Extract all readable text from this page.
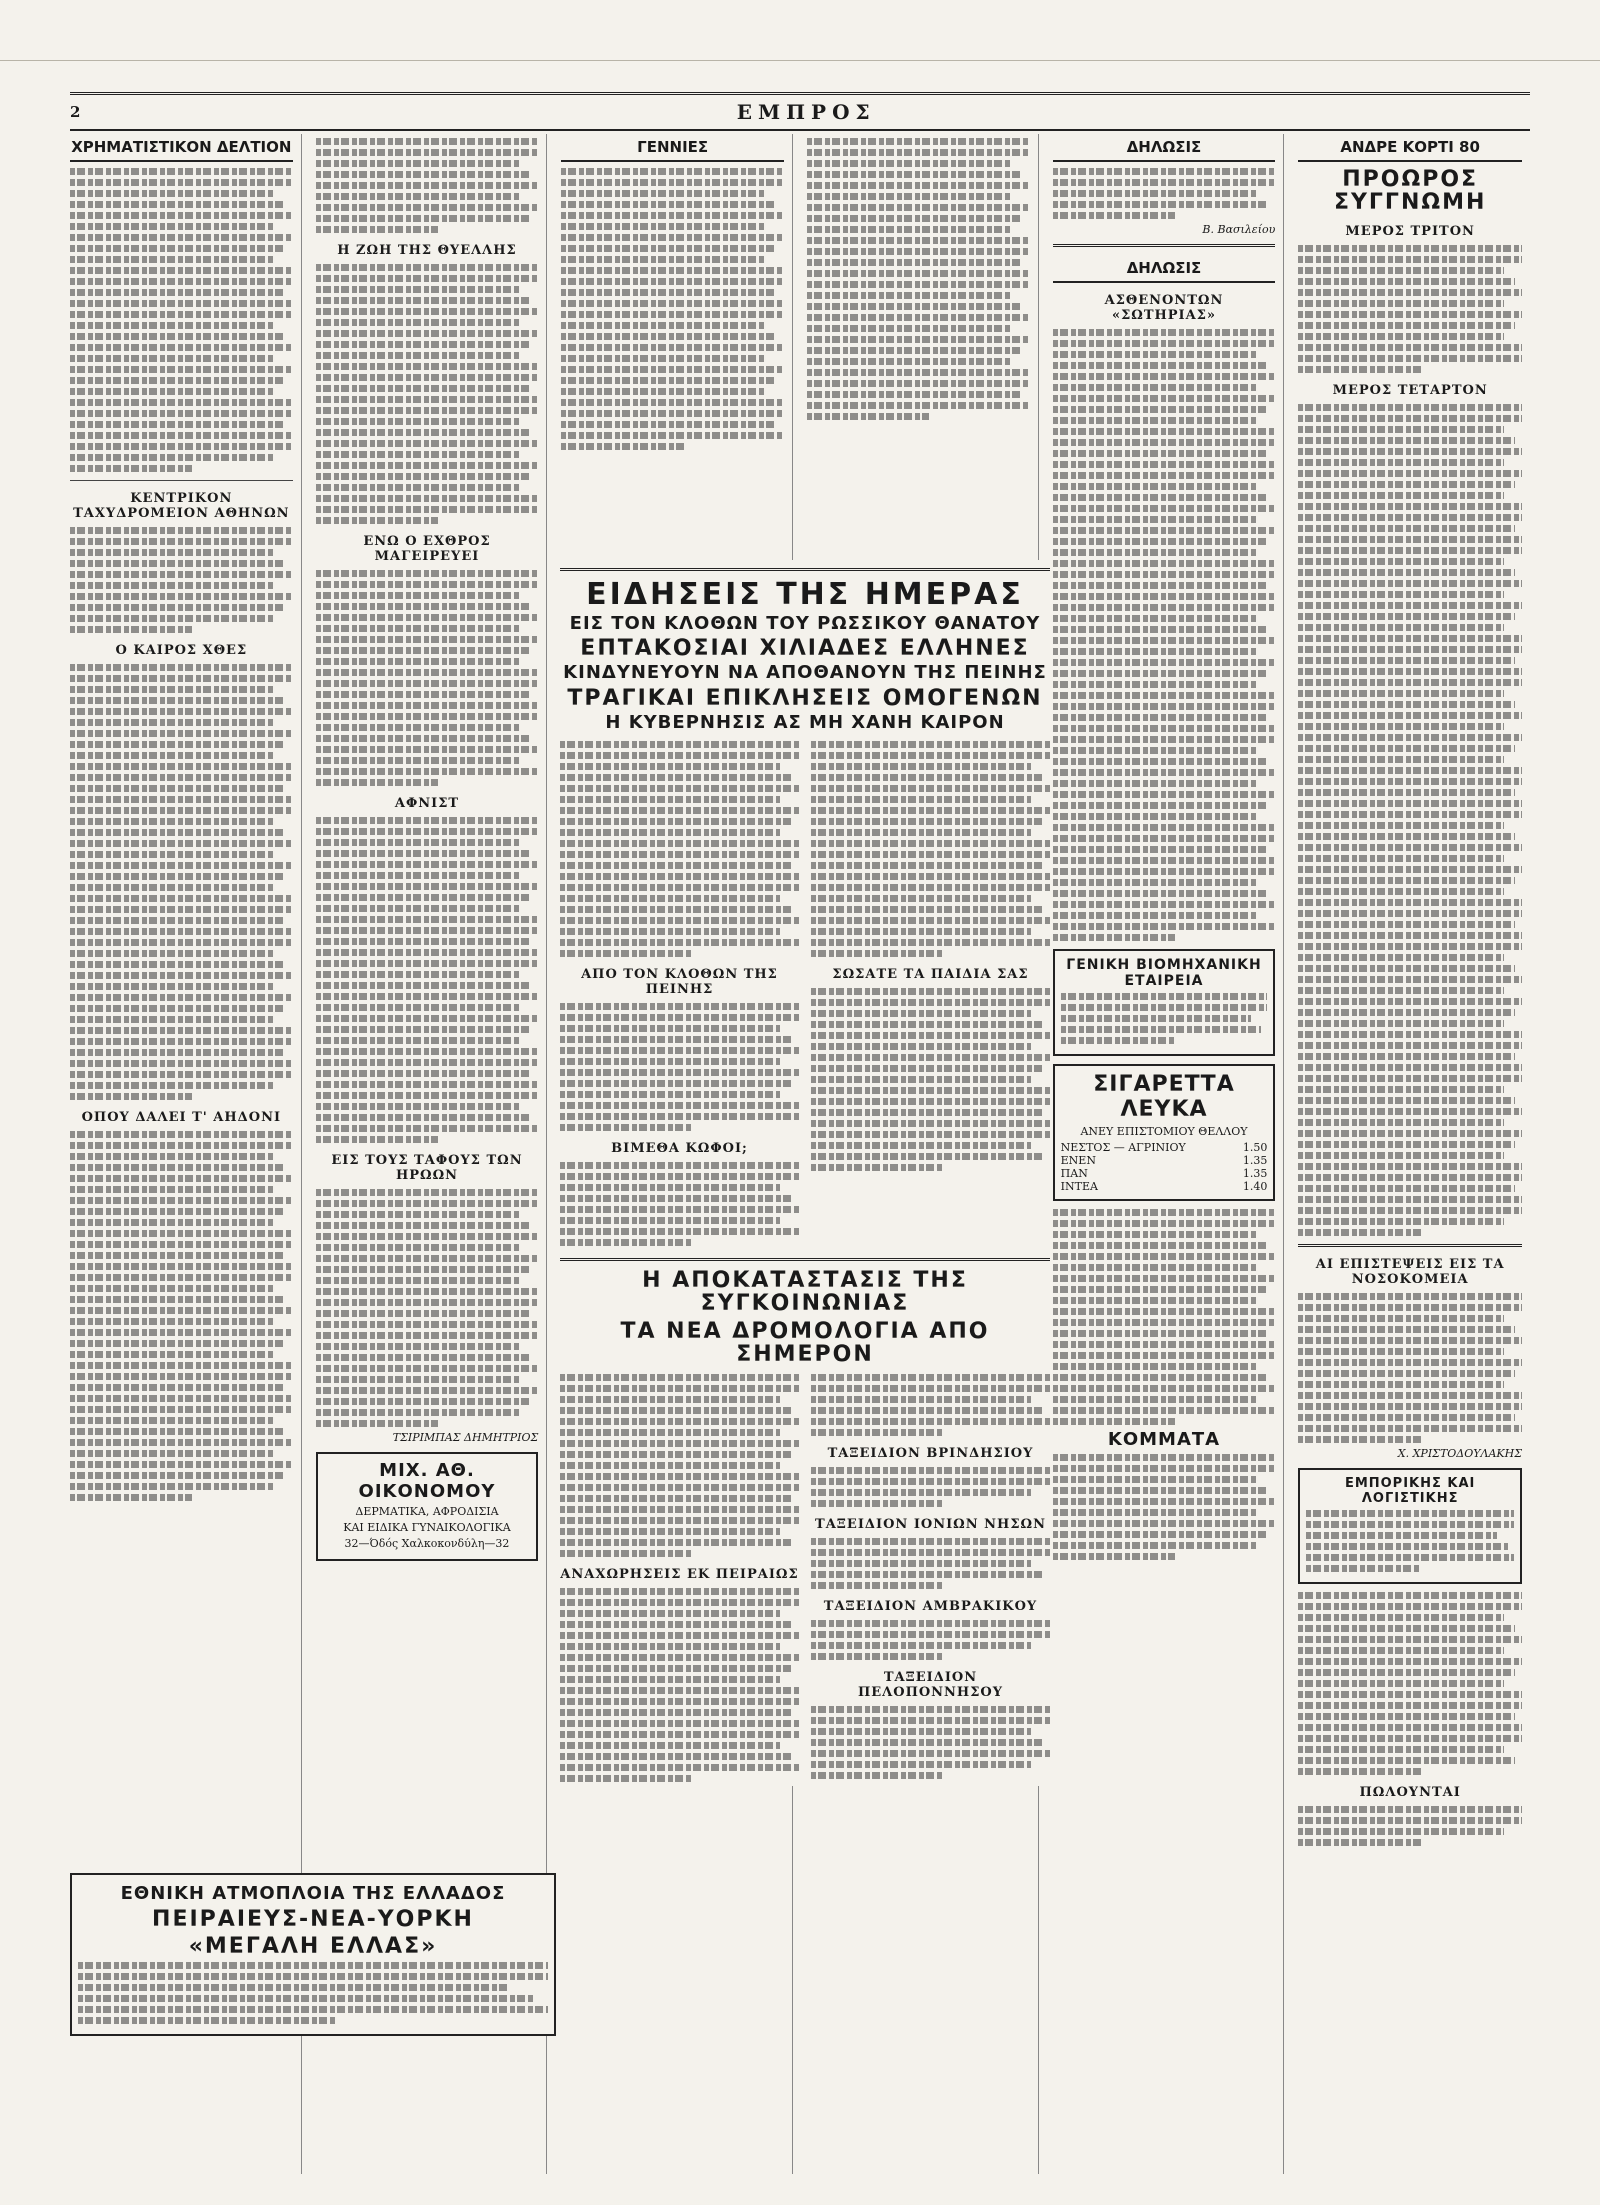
2	ΕΜΠΡΟΣ
ΧΡΗΜΑΤΙΣΤΙΚΟΝ ΔΕΛΤΙΟΝ
ΚΕΝΤΡΙΚΟΝ ΤΑΧΥΔΡΟΜΕΙΟΝ ΑΘΗΝΩΝ
Ο ΚΑΙΡΟΣ ΧΘΕΣ
ΟΠΟΥ ΔΑΛΕΙ Τ' ΑΗΔΟΝΙ
Η ΖΩΗ ΤΗΣ ΘΥΕΛΛΗΣ
ΕΝΩ Ο ΕΧΘΡΟΣ ΜΑΓΕΙΡΕΥΕΙ
ΑΦΝΙΣΤ
ΕΙΣ ΤΟΥΣ ΤΑΦΟΥΣ ΤΩΝ ΗΡΩΩΝ
ΤΣΙΡΙΜΠΑΣ ΔΗΜΗΤΡΙΟΣ
ΜΙΧ. ΑΘ. ΟΙΚΟΝΟΜΟΥ
ΔΕΡΜΑΤΙΚΑ, ΑΦΡΟΔΙΣΙΑ
ΚΑΙ ΕΙΔΙΚΑ ΓΥΝΑΙΚΟΛΟΓΙΚΑ
32—Όδός Χαλκοκονδύλη—32
ΓΕΝΝΙΕΣ	ΔΗΛΩΣΙΣ
Β. Βασιλείου
ΔΗΛΩΣΙΣ
ΑΣΘΕΝΟΝΤΩΝ «ΣΩΤΗΡΙΑΣ»
ΓΕΝΙΚΗ ΒΙΟΜΗΧΑΝΙΚΗ ΕΤΑΙΡΕΙΑ
ΣΙΓΑΡΕΤΤΑ ΛΕΥΚΑ
ΑΝΕΥ ΕΠΙΣΤΟΜΙΟΥ ΘΕΛΛΟΥ
ΝΕΣΤΟΣ — ΑΓΡΙΝΙΟΥ	1.50
ΕΝΕΝ	1.35
ΠΑΝ	1.35
ΙΝΤΕΑ	1.40
ΚΟΜΜΑΤΑ
ΑΝΔΡΕ ΚΟΡΤΙ 80
ΠΡΟΩΡΟΣ ΣΥΓΓΝΩΜΗ
ΜΕΡΟΣ ΤΡΙΤΟΝ
ΜΕΡΟΣ ΤΕΤΑΡΤΟΝ
ΑΙ ΕΠΙΣΤΕΨΕΙΣ ΕΙΣ ΤΑ ΝΟΣΟΚΟΜΕΙΑ
Χ. ΧΡΙΣΤΟΔΟΥΛΑΚΗΣ
ΕΜΠΟΡΙΚΗΣ ΚΑΙ ΛΟΓΙΣΤΙΚΗΣ
ΠΩΛΟΥΝΤΑΙ
ΕΙΔΗΣΕΙΣ ΤΗΣ ΗΜΕΡΑΣ
ΕΙΣ ΤΟΝ ΚΛΟΘΩΝ ΤΟΥ ΡΩΣΣΙΚΟΥ ΘΑΝΑΤΟΥ
ΕΠΤΑΚΟΣΙΑΙ ΧΙΛΙΑΔΕΣ ΕΛΛΗΝΕΣ
ΚΙΝΔΥΝΕΥΟΥΝ ΝΑ ΑΠΟΘΑΝΟΥΝ ΤΗΣ ΠΕΙΝΗΣ
ΤΡΑΓΙΚΑΙ ΕΠΙΚΛΗΣΕΙΣ ΟΜΟΓΕΝΩΝ
Η ΚΥΒΕΡΝΗΣΙΣ ΑΣ ΜΗ ΧΑΝΗ ΚΑΙΡΟΝ
ΑΠΟ ΤΟΝ ΚΛΟΘΩΝ ΤΗΣ ΠΕΙΝΗΣ
ΒΙΜΕΘΑ ΚΩΦΟΙ;
ΣΩΣΑΤΕ ΤΑ ΠΑΙΔΙΑ ΣΑΣ
Η ΑΠΟΚΑΤΑΣΤΑΣΙΣ ΤΗΣ ΣΥΓΚΟΙΝΩΝΙΑΣ
ΤΑ ΝΕΑ ΔΡΟΜΟΛΟΓΙΑ ΑΠΟ ΣΗΜΕΡΟΝ
ΑΝΑΧΩΡΗΣΕΙΣ ΕΚ ΠΕΙΡΑΙΩΣ
ΤΑΞΕΙΔΙΟΝ ΒΡΙΝΔΗΣΙΟΥ
ΤΑΞΕΙΔΙΟΝ ΙΟΝΙΩΝ ΝΗΣΩΝ
ΤΑΞΕΙΔΙΟΝ ΑΜΒΡΑΚΙΚΟΥ
ΤΑΞΕΙΔΙΟΝ ΠΕΛΟΠΟΝΝΗΣΟΥ
ΕΘΝΙΚΗ ΑΤΜΟΠΛΟΙΑ ΤΗΣ ΕΛΛΑΔΟΣ
ΠΕΙΡΑΙΕΥΣ-ΝΕΑ-ΥΟΡΚΗ
«ΜΕΓΑΛΗ ΕΛΛΑΣ»
